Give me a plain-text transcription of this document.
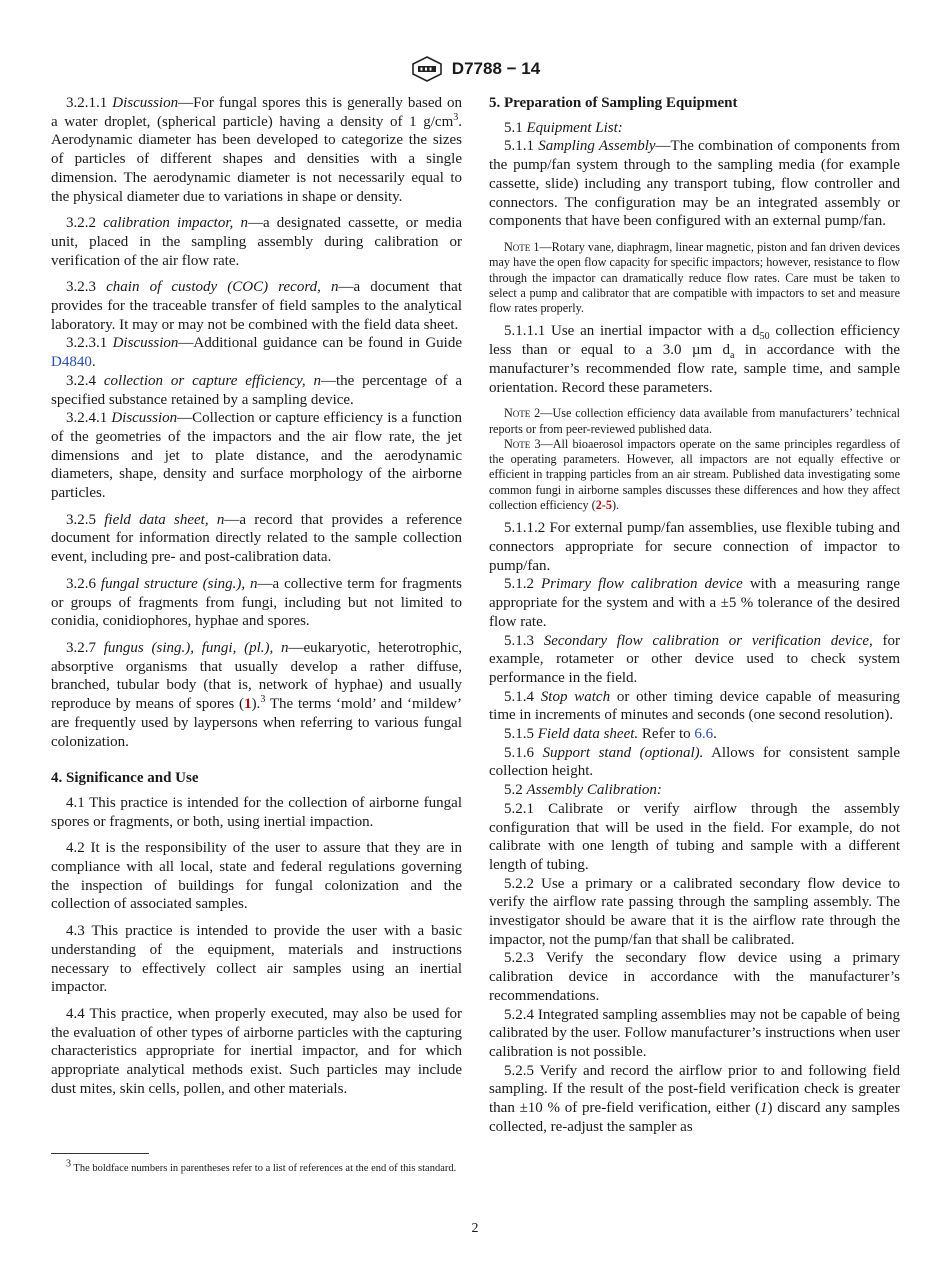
D7788 − 14

3.2.1.1 Discussion—For fungal spores this is generally based on a water droplet, (spherical particle) having a density of 1 $g/cm^3$. Aerodynamic diameter has been developed to categorize the sizes of particles of different shapes and densities with a single dimension. The aerodynamic diameter is not necessarily equal to the physical diameter due to variations in shape or density.

3.2.2 calibration impactor, n—a designated cassette, or media unit, placed in the sampling assembly during calibration or verification of the air flow rate.

3.2.3 chain of custody (COC) record, n—a document that provides for the traceable transfer of field samples to the analytical laboratory. It may or may not be combined with the field data sheet.

3.2.3.1 Discussion—Additional guidance can be found in Guide D4840.

3.2.4 collection or capture efficiency, n—the percentage of a specified substance retained by a sampling device.

3.2.4.1 Discussion—Collection or capture efficiency is a function of the geometries of the impactors and the air flow rate, the jet dimensions and jet to plate distance, and the aerodynamic diameters, shape, density and surface morphology of the airborne particles.

3.2.5 field data sheet, n—a record that provides a reference document for information directly related to the sample collection event, including pre- and post-calibration data.

3.2.6 fungal structure (sing.), n—a collective term for fragments or groups of fragments from fungi, including but not limited to conidia, conidiophores, hyphae and spores.

3.2.7 fungus (sing.), fungi, (pl.), n—eukaryotic, heterotrophic, absorptive organisms that usually develop a rather diffuse, branched, tubular body (that is, network of hyphae) and usually reproduce by means of spores (1).$^3$ The terms ‘mold’ and ‘mildew’ are frequently used by laypersons when referring to various fungal colonization.

4. Significance and Use

4.1 This practice is intended for the collection of airborne fungal spores or fragments, or both, using inertial impaction.

4.2 It is the responsibility of the user to assure that they are in compliance with all local, state and federal regulations governing the inspection of buildings for fungal colonization and the collection of associated samples.

4.3 This practice is intended to provide the user with a basic understanding of the equipment, materials and instructions necessary to effectively collect air samples using an inertial impactor.

4.4 This practice, when properly executed, may also be used for the evaluation of other types of airborne particles with the capturing characteristics appropriate for inertial impactor, and for which appropriate analytical methods exist. Such particles may include dust mites, skin cells, pollen, and other materials.

$^3$ The boldface numbers in parentheses refer to a list of references at the end of this standard.

5. Preparation of Sampling Equipment

5.1 Equipment List:

5.1.1 Sampling Assembly—The combination of components from the pump/fan system through to the sampling media (for example cassette, slide) including any transport tubing, flow controller and connectors. The configuration may be an integrated assembly or components that have been configured with an external pump/fan.

Note 1—Rotary vane, diaphragm, linear magnetic, piston and fan driven devices may have the open flow capacity for specific impactors; however, resistance to flow through the impactor can dramatically reduce flow rates. Care must be taken to select a pump and calibrator that are compatible with impactors to set and measure flow rates properly.

5.1.1.1 Use an inertial impactor with a $d_{50}$ collection efficiency less than or equal to a 3.0 µm $d_a$ in accordance with the manufacturer’s recommended flow rate, sample time, and sample orientation. Record these parameters.

Note 2—Use collection efficiency data available from manufacturers’ technical reports or from peer-reviewed published data.

Note 3—All bioaerosol impactors operate on the same principles regardless of the operating parameters. However, all impactors are not equally effective or efficient in trapping particles from an air stream. Published data investigating some common fungi in airborne samples discusses these differences and how they affect collection efficiency (2-5).

5.1.1.2 For external pump/fan assemblies, use flexible tubing and connectors appropriate for secure connection of impactor to pump/fan.

5.1.2 Primary flow calibration device with a measuring range appropriate for the system and with a ±5 % tolerance of the desired flow rate.

5.1.3 Secondary flow calibration or verification device, for example, rotameter or other device used to check system performance in the field.

5.1.4 Stop watch or other timing device capable of measuring time in increments of minutes and seconds (one second resolution).

5.1.5 Field data sheet. Refer to 6.6.

5.1.6 Support stand (optional). Allows for consistent sample collection height.

5.2 Assembly Calibration:

5.2.1 Calibrate or verify airflow through the assembly configuration that will be used in the field. For example, do not calibrate with one length of tubing and sample with a different length of tubing.

5.2.2 Use a primary or a calibrated secondary flow device to verify the airflow rate passing through the sampling assembly. The investigator should be aware that it is the airflow rate through the impactor, not the pump/fan that shall be calibrated.

5.2.3 Verify the secondary flow device using a primary calibration device in accordance with the manufacturer’s recommendations.

5.2.4 Integrated sampling assemblies may not be capable of being calibrated by the user. Follow manufacturer’s instructions when user calibration is not possible.

5.2.5 Verify and record the airflow prior to and following field sampling. If the result of the post-field verification check is greater than ±10 % of pre-field verification, either (1) discard any samples collected, re-adjust the sampler as

2
